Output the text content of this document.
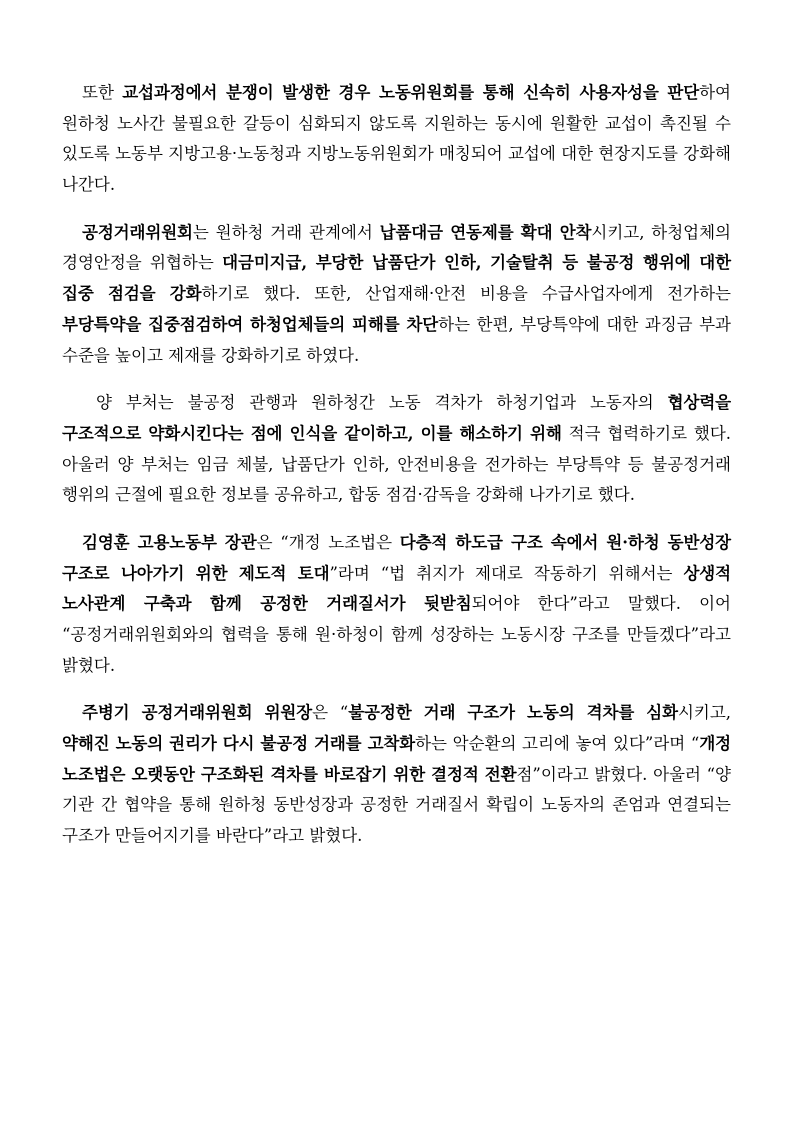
또한 교섭과정에서 분쟁이 발생한 경우 노동위원회를 통해 신속히 사용자성을 판단하여 원하청 노사간 불필요한 갈등이 심화되지 않도록 지원하는 동시에 원활한 교섭이 촉진될 수 있도록 노동부 지방고용·노동청과 지방노동위원회가 매칭되어 교섭에 대한 현장지도를 강화해 나간다.

공정거래위원회는 원하청 거래 관계에서 납품대금 연동제를 확대 안착시키고, 하청업체의 경영안정을 위협하는 대금미지급, 부당한 납품단가 인하, 기술탈취 등 불공정 행위에 대한 집중 점검을 강화하기로 했다. 또한, 산업재해·안전 비용을 수급사업자에게 전가하는 부당특약을 집중점검하여 하청업체들의 피해를 차단하는 한편, 부당특약에 대한 과징금 부과 수준을 높이고 제재를 강화하기로 하였다.

양 부처는 불공정 관행과 원하청간 노동 격차가 하청기업과 노동자의 협상력을 구조적으로 약화시킨다는 점에 인식을 같이하고, 이를 해소하기 위해 적극 협력하기로 했다. 아울러 양 부처는 임금 체불, 납품단가 인하, 안전비용을 전가하는 부당특약 등 불공정거래 행위의 근절에 필요한 정보를 공유하고, 합동 점검·감독을 강화해 나가기로 했다.

김영훈 고용노동부 장관은 “개정 노조법은 다층적 하도급 구조 속에서 원·하청 동반성장 구조로 나아가기 위한 제도적 토대”라며 “법 취지가 제대로 작동하기 위해서는 상생적 노사관계 구축과 함께 공정한 거래질서가 뒷받침되어야 한다”라고 말했다. 이어 “공정거래위원회와의 협력을 통해 원·하청이 함께 성장하는 노동시장 구조를 만들겠다”라고 밝혔다.

주병기 공정거래위원회 위원장은 “불공정한 거래 구조가 노동의 격차를 심화시키고, 약해진 노동의 권리가 다시 불공정 거래를 고착화하는 악순환의 고리에 놓여 있다”라며 “개정 노조법은 오랫동안 구조화된 격차를 바로잡기 위한 결정적 전환점”이라고 밝혔다. 아울러 “양 기관 간 협약을 통해 원하청 동반성장과 공정한 거래질서 확립이 노동자의 존엄과 연결되는 구조가 만들어지기를 바란다”라고 밝혔다.
